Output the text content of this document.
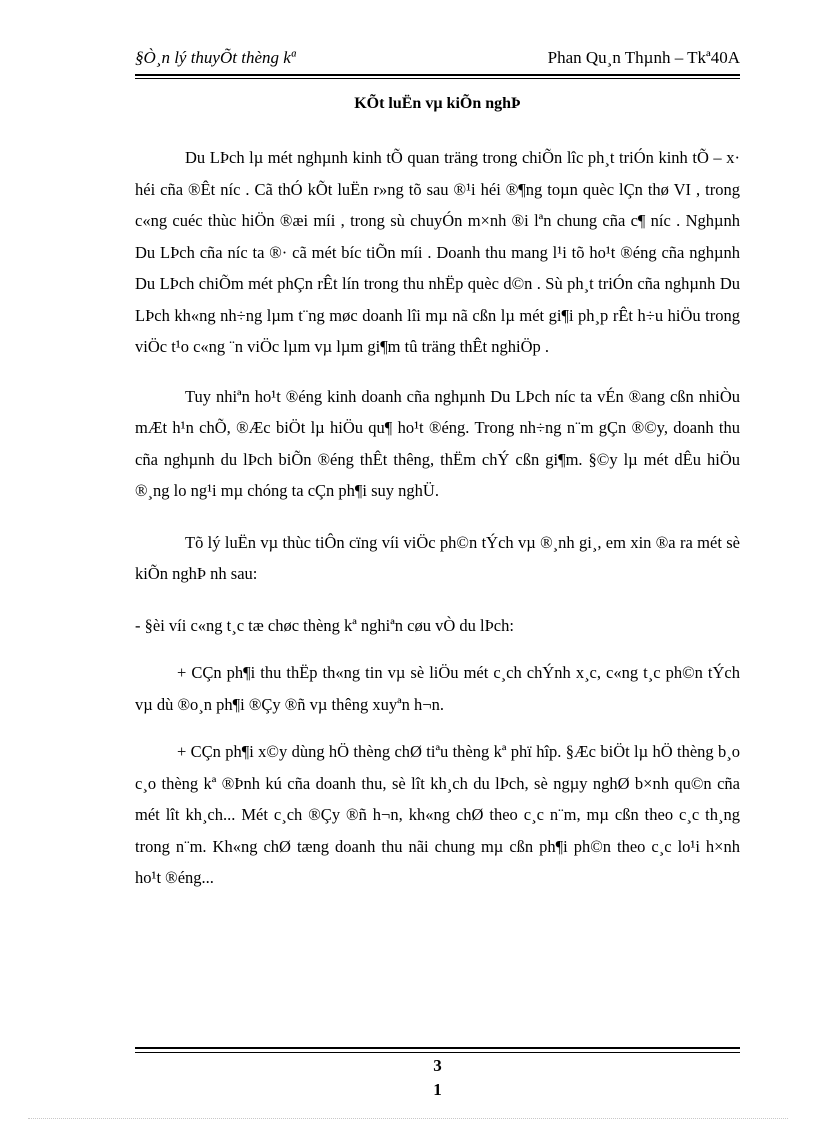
§Ò¸n lý thuyÕt thèng kª	Phan Qu¸n Thµnh – Tkª40A
KÕt luËn vµ kiÕn nghÞ

Du LÞch lµ mét nghµnh kinh tÕ quan träng trong chiÕn lîc ph¸t triÓn kinh tÕ – x· héi cña ®Êt níc . Cã thÓ kÕt luËn r»ng tõ sau ®¹i héi ®¶ng toµn quèc lÇn thø VI , trong c«ng cuéc thùc hiÖn ®æi míi , trong sù chuyÓn m×nh ®i lªn chung cña c¶ níc . Nghµnh Du LÞch cña níc ta ®· cã mét bíc tiÕn míi . Doanh thu mang l¹i tõ ho¹t ®éng cña nghµnh Du LÞch chiÕm mét phÇn rÊt lín trong thu nhËp quèc d©n . Sù ph¸t triÓn cña nghµnh Du LÞch kh«ng nh÷ng lµm t¨ng møc doanh lîi mµ nã cßn lµ mét gi¶i ph¸p rÊt h÷u hiÖu trong viÖc t¹o c«ng ¨n viÖc lµm vµ lµm gi¶m tû träng thÊt nghiÖp .

Tuy nhiªn ho¹t ®éng kinh doanh cña nghµnh Du LÞch níc ta vÉn ®ang cßn nhiÒu mÆt h¹n chÕ, ®Æc biÖt lµ hiÖu qu¶ ho¹t ®éng. Trong nh÷ng n¨m gÇn ®©y, doanh thu cña nghµnh du lÞch biÕn ®éng thÊt thêng, thËm chÝ cßn gi¶m. §©y lµ mét dÊu hiÖu ®¸ng lo ng¹i mµ chóng ta cÇn ph¶i suy nghÜ.

Tõ lý luËn vµ thùc tiÔn cïng víi viÖc ph©n tÝch vµ ®¸nh gi¸, em xin ®a ra mét sè kiÕn nghÞ nh sau:

- §èi víi c«ng t¸c tæ chøc thèng kª nghiªn cøu vÒ du lÞch:

+ CÇn ph¶i thu thËp th«ng tin vµ sè liÖu mét c¸ch chÝnh x¸c, c«ng t¸c ph©n tÝch vµ dù ®o¸n ph¶i ®Çy ®ñ vµ thêng xuyªn h¬n.

+ CÇn ph¶i x©y dùng hÖ thèng chØ tiªu thèng kª phï hîp. §Æc biÖt lµ hÖ thèng b¸o c¸o thèng kª ®Þnh kú cña doanh thu, sè lît kh¸ch du lÞch, sè ngµy nghØ b×nh qu©n cña mét lît kh¸ch... Mét c¸ch ®Çy ®ñ h¬n, kh«ng chØ theo c¸c n¨m, mµ cßn theo c¸c th¸ng trong n¨m. Kh«ng chØ tæng doanh thu nãi chung mµ cßn ph¶i ph©n theo c¸c lo¹i h×nh ho¹t ®éng...

3
1
